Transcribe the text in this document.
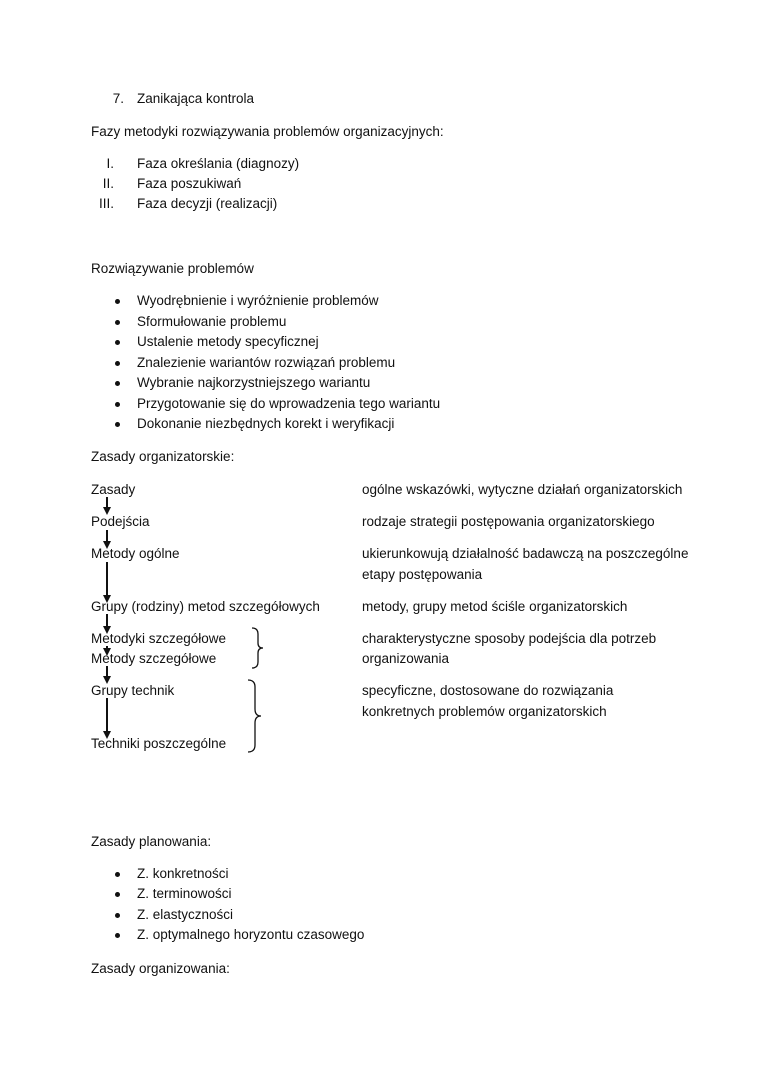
7. Zanikająca kontrola
Fazy metodyki rozwiązywania problemów organizacyjnych:
I. Faza określania (diagnozy)
II. Faza poszukiwań
III. Faza decyzji (realizacji)
Rozwiązywanie problemów
Wyodrębnienie i wyróżnienie problemów
Sformułowanie problemu
Ustalenie metody specyficznej
Znalezienie wariantów rozwiązań problemu
Wybranie najkorzystniejszego wariantu
Przygotowanie się do wprowadzenia tego wariantu
Dokonanie niezbędnych korekt i weryfikacji
Zasady organizatorskie:
Zasady
Podejścia
Metody ogólne
Grupy (rodziny) metod szczegółowych
Metodyki szczegółowe
Metody szczegółowe
Grupy technik
Techniki poszczególne
ogólne wskazówki, wytyczne działań organizatorskich
rodzaje strategii postępowania organizatorskiego
ukierunkowują działalność badawczą na poszczególne
etapy postępowania
metody, grupy metod ściśle organizatorskich
charakterystyczne sposoby podejścia dla potrzeb
organizowania
specyficzne, dostosowane do rozwiązania
konkretnych problemów organizatorskich
Zasady planowania:
Z. konkretności
Z. terminowości
Z. elastyczności
Z. optymalnego horyzontu czasowego
Zasady organizowania:
